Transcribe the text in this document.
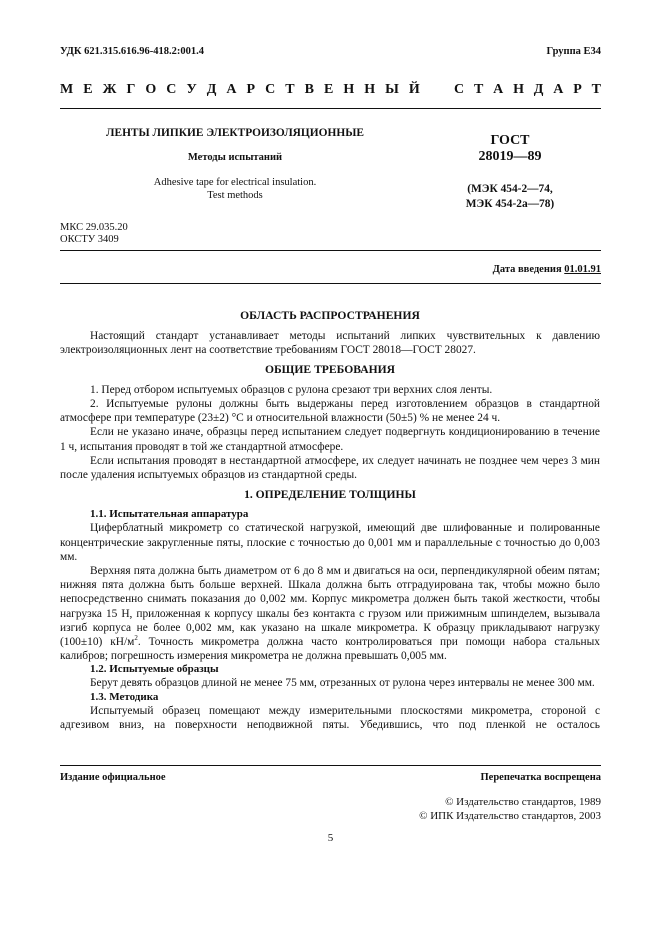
УДК 621.315.616.96-418.2:001.4	Группа Е34
М Е Ж Г О С У Д А Р С Т В Е Н Н Ы Й С Т А Н Д А Р Т
ЛЕНТЫ ЛИПКИЕ ЭЛЕКТРОИЗОЛЯЦИОННЫЕ
Методы испытаний
Adhesive tape for electrical insulation.
Test methods
ГОСТ
28019—89
(МЭК 454-2—74,
МЭК 454-2а—78)
МКС 29.035.20
ОКСТУ 3409
Дата введения 01.01.91

ОБЛАСТЬ РАСПРОСТРАНЕНИЯ

Настоящий стандарт устанавливает методы испытаний липких чувствительных к давлению электроизоляционных лент на соответствие требованиям ГОСТ 28018—ГОСТ 28027.

ОБЩИЕ ТРЕБОВАНИЯ

1. Перед отбором испытуемых образцов с рулона срезают три верхних слоя ленты.

2. Испытуемые рулоны должны быть выдержаны перед изготовлением образцов в стандартной атмосфере при температуре (23±2) °С и относительной влажности (50±5) % не менее 24 ч.

Если не указано иначе, образцы перед испытанием следует подвергнуть кондиционированию в течение 1 ч, испытания проводят в той же стандартной атмосфере.

Если испытания проводят в нестандартной атмосфере, их следует начинать не позднее чем через 3 мин после удаления испытуемых образцов из стандартной среды.

1. ОПРЕДЕЛЕНИЕ ТОЛЩИНЫ

1.1. Испытательная аппаратура

Циферблатный микрометр со статической нагрузкой, имеющий две шлифованные и полированные концентрические закругленные пяты, плоские с точностью до 0,001 мм и параллельные с точностью до 0,003 мм.

Верхняя пята должна быть диаметром от 6 до 8 мм и двигаться на оси, перпендикулярной обеим пятам; нижняя пята должна быть больше верхней. Шкала должна быть отградуирована так, чтобы можно было непосредственно снимать показания до 0,002 мм. Корпус микрометра должен быть такой жесткости, чтобы нагрузка 15 Н, приложенная к корпусу шкалы без контакта с грузом или прижимным шпинделем, вызывала изгиб корпуса не более 0,002 мм, как указано на шкале микрометра. К образцу прикладывают нагрузку (100±10) $кН/м^2$. Точность микрометра должна часто контролироваться при помощи набора стальных калибров; погрешность измерения микрометра не должна превышать 0,005 мм.

1.2. Испытуемые образцы

Берут девять образцов длиной не менее 75 мм, отрезанных от рулона через интервалы не менее 300 мм.

1.3. Методика

Испытуемый образец помещают между измерительными плоскостями микрометра, стороной с адгезивом вниз, на поверхности неподвижной пяты. Убедившись, что под пленкой не осталось

Издание официальное	Перепечатка воспрещена
© Издательство стандартов, 1989
© ИПК Издательство стандартов, 2003
5
